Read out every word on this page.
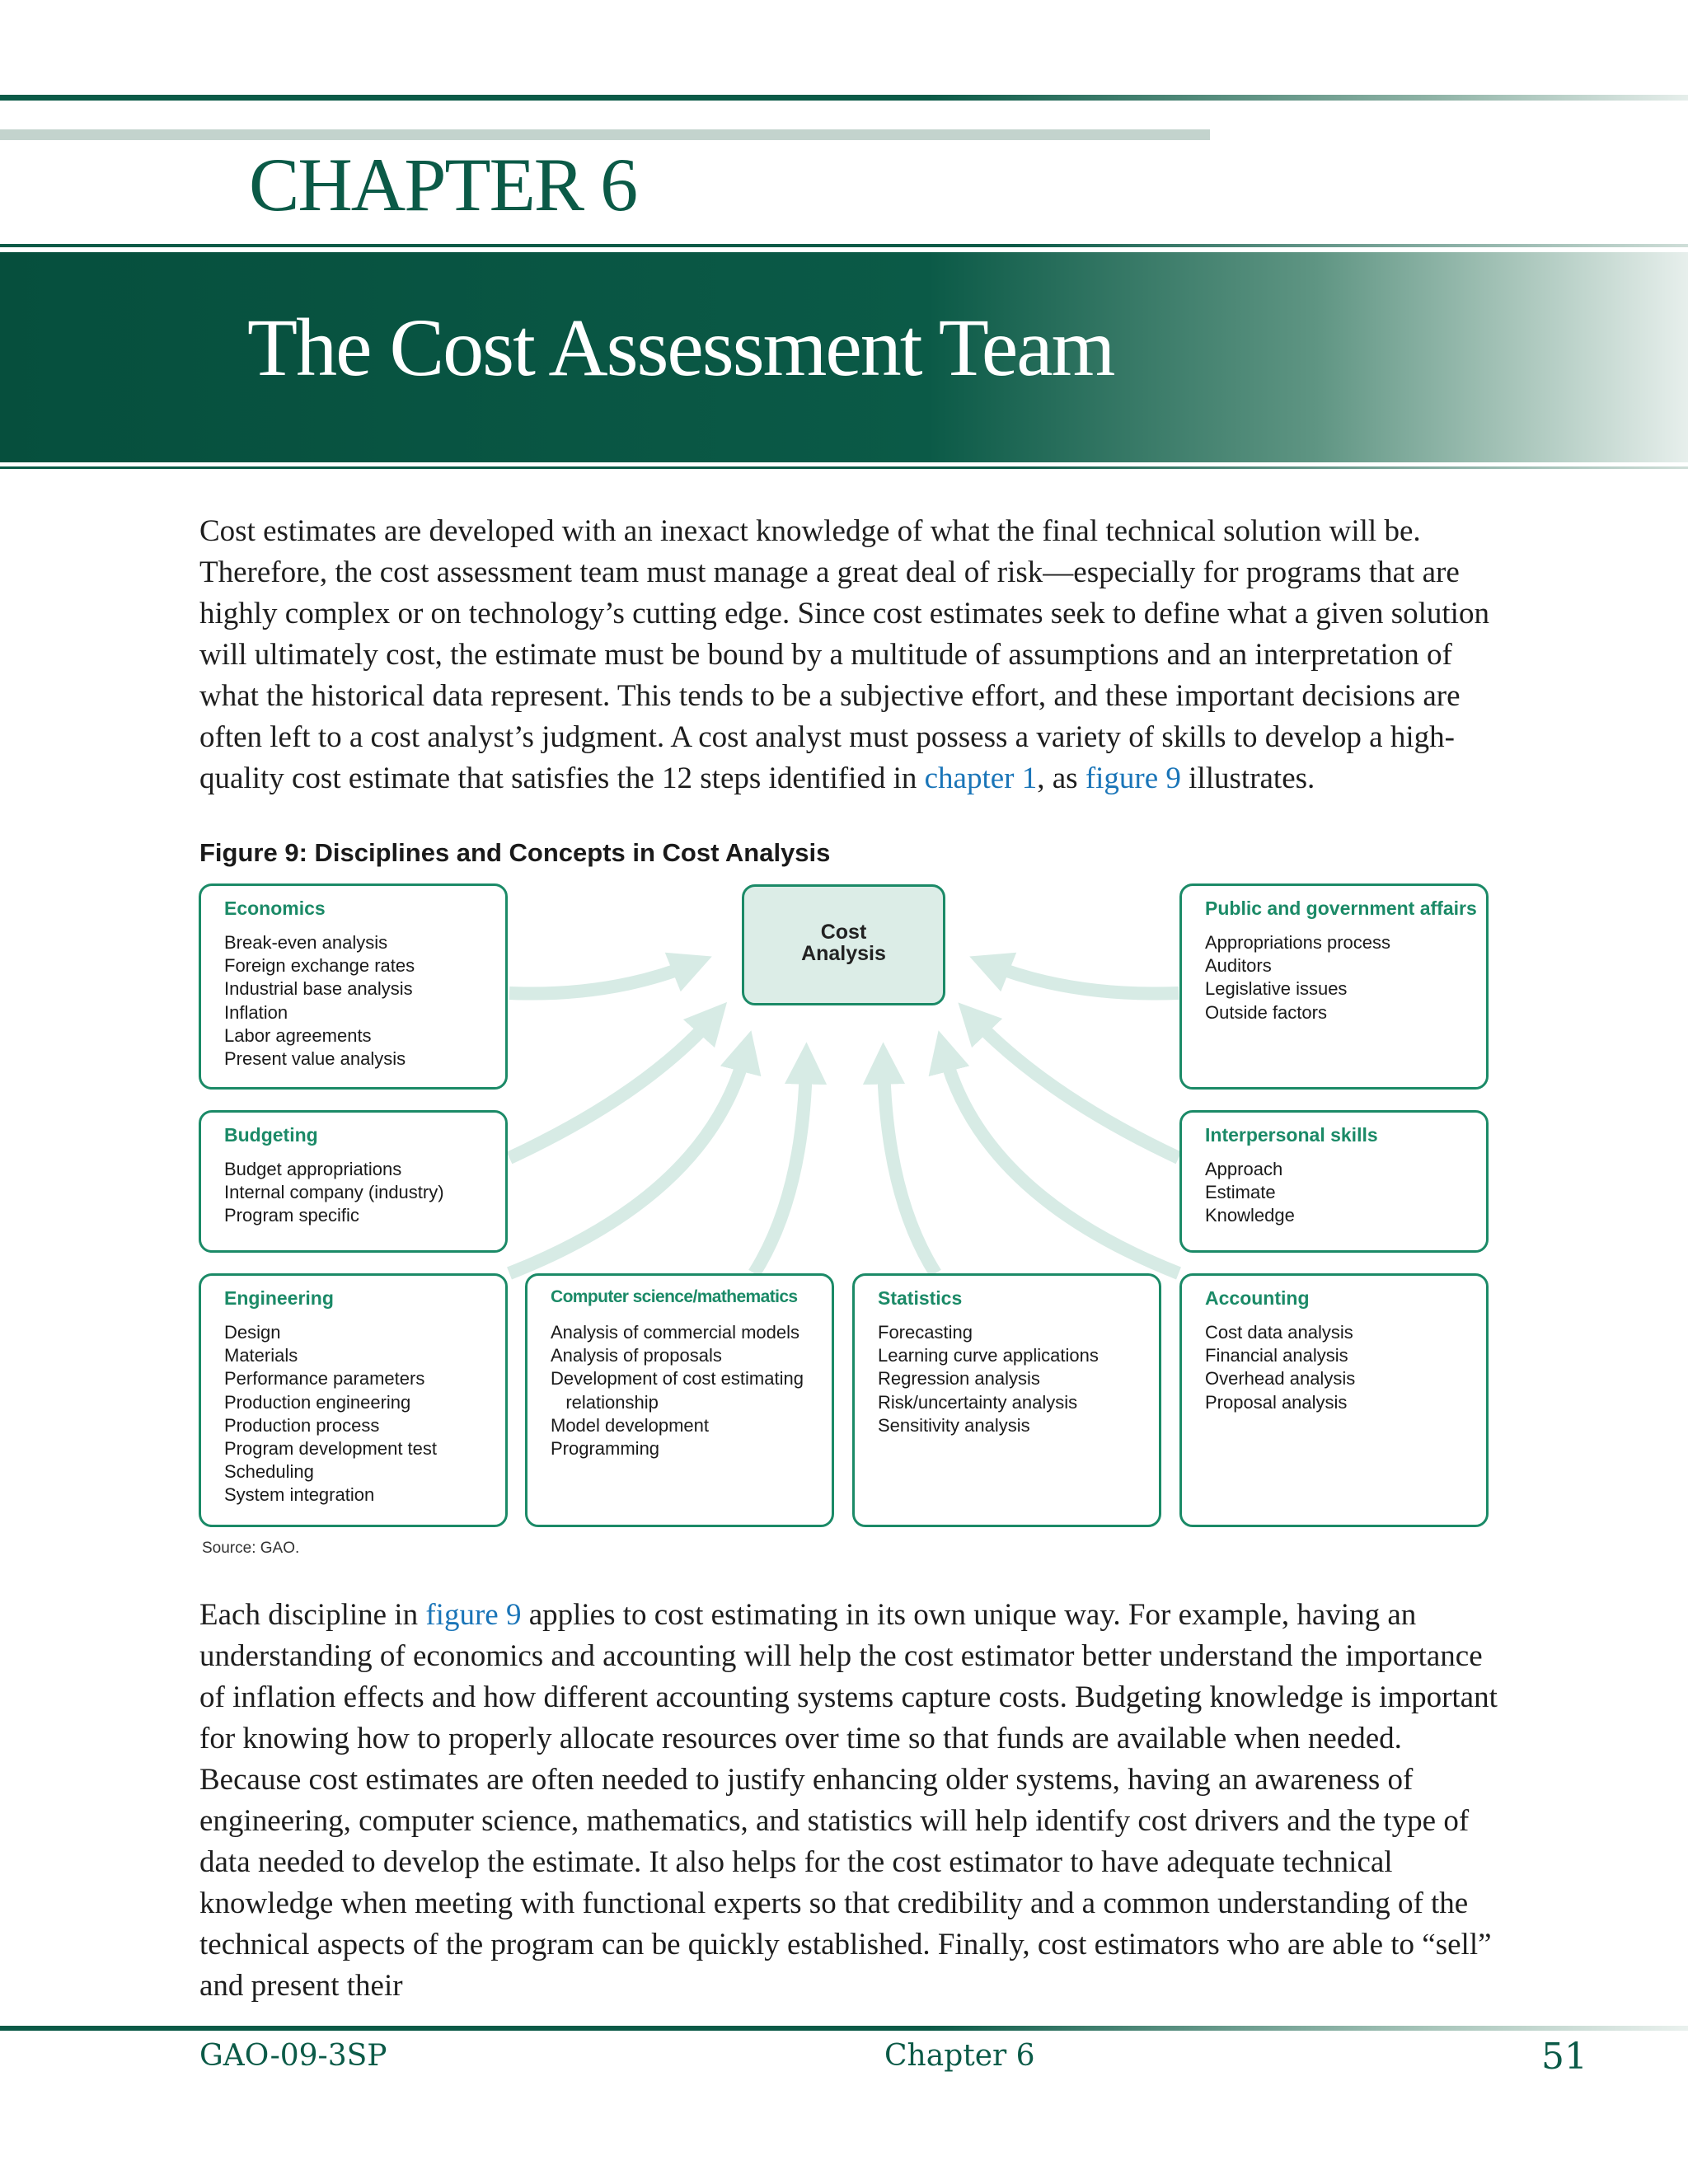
CHAPTER 6
The Cost Assessment Team
Cost estimates are developed with an inexact knowledge of what the final technical solution will be. Therefore, the cost assessment team must manage a great deal of risk—especially for programs that are highly complex or on technology’s cutting edge. Since cost estimates seek to define what a given solution will ultimately cost, the estimate must be bound by a multitude of assumptions and an interpretation of what the historical data represent. This tends to be a subjective effort, and these important decisions are often left to a cost analyst’s judgment. A cost analyst must possess a variety of skills to develop a high-quality cost estimate that satisfies the 12 steps identified in chapter 1, as figure 9 illustrates.
Figure 9: Disciplines and Concepts in Cost Analysis
Cost
Analysis
Economics
Break-even analysis
Foreign exchange rates
Industrial base analysis
Inflation
Labor agreements
Present value analysis
Public and government affairs
Appropriations process
Auditors
Legislative issues
Outside factors
Budgeting
Budget appropriations
Internal company (industry)
Program specific
Interpersonal skills
Approach
Estimate
Knowledge
Engineering
Design
Materials
Performance parameters
Production engineering
Production process
Program development test
Scheduling
System integration
Computer science/mathematics
Analysis of commercial models
Analysis of proposals
Development of cost estimating
relationship
Model development
Programming
Statistics
Forecasting
Learning curve applications
Regression analysis
Risk/uncertainty analysis
Sensitivity analysis
Accounting
Cost data analysis
Financial analysis
Overhead analysis
Proposal analysis
Source: GAO.
Each discipline in figure 9 applies to cost estimating in its own unique way. For example, having an understanding of economics and accounting will help the cost estimator better understand the importance of inflation effects and how different accounting systems capture costs. Budgeting knowledge is important for knowing how to properly allocate resources over time so that funds are available when needed. Because cost estimates are often needed to justify enhancing older systems, having an awareness of engineering, computer science, mathematics, and statistics will help identify cost drivers and the type of data needed to develop the estimate. It also helps for the cost estimator to have adequate technical knowledge when meeting with functional experts so that credibility and a common understanding of the technical aspects of the program can be quickly established. Finally, cost estimators who are able to “sell” and present their
GAO-09-3SP	Chapter 6	51
